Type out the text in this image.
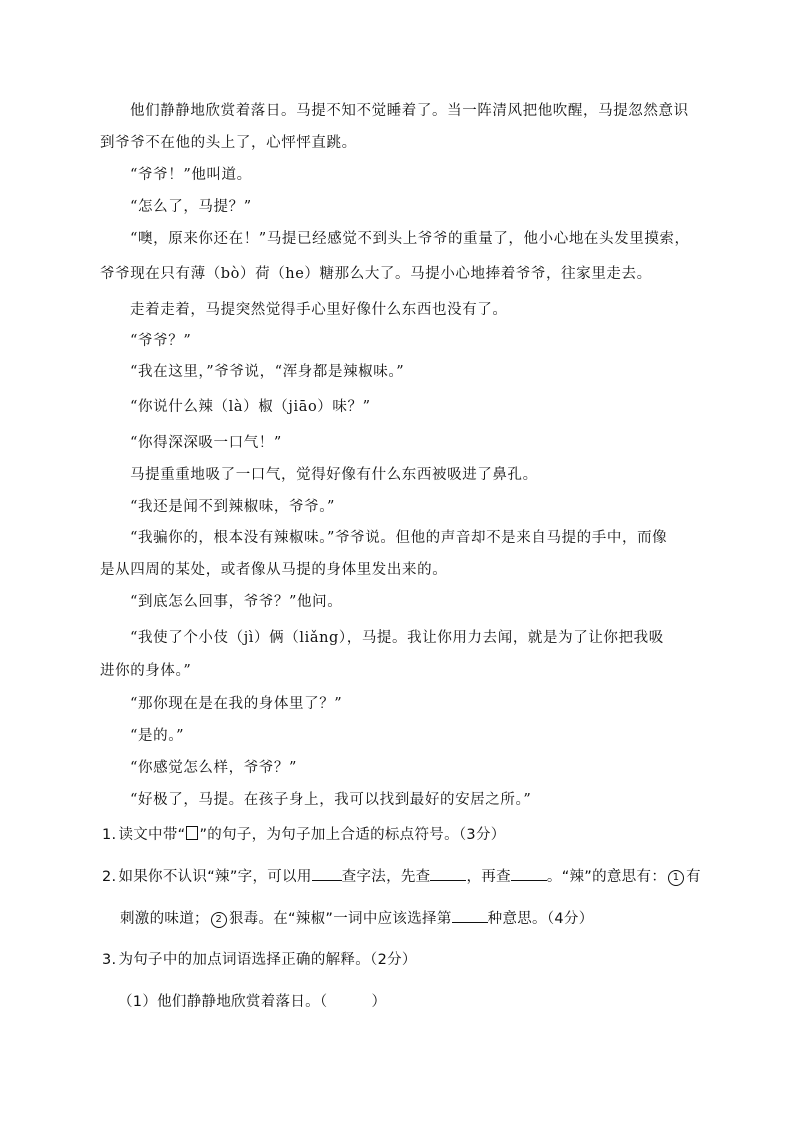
他们静静地欣赏着落日。马提不知不觉睡着了。当一阵清风把他吹醒，马提忽然意识
到爷爷不在他的头上了，心怦怦直跳。
“爷爷！”他叫道。
“怎么了，马提？”
“噢，原来你还在！”马提已经感觉不到头上爷爷的重量了，他小心地在头发里摸索，
爷爷现在只有薄（bò）荷（he）糖那么大了。马提小心地捧着爷爷，往家里走去。
走着走着，马提突然觉得手心里好像什么东西也没有了。
“爷爷？”
“我在这里，”爷爷说，“浑身都是辣椒味。”
“你说什么辣（là）椒（jiāo）味？”
“你得深深吸一口气！”
马提重重地吸了一口气，觉得好像有什么东西被吸进了鼻孔。
“我还是闻不到辣椒味，爷爷。”
“我骗你的，根本没有辣椒味。”爷爷说。但他的声音却不是来自马提的手中，而像
是从四周的某处，或者像从马提的身体里发出来的。
“到底怎么回事，爷爷？”他问。
“我使了个小伎（jì）俩（liǎng），马提。我让你用力去闻，就是为了让你把我吸
进你的身体。”
“那你现在是在我的身体里了？”
“是的。”
“你感觉怎么样，爷爷？”
“好极了，马提。在孩子身上，我可以找到最好的安居之所。”
1. 读文中带“ ”的句子，为句子加上合适的标点符号。（3分）
2. 如果你不认识“辣”字，可以用 查字法，先查 ，再查 。“辣”的意思有： 1 有
刺激的味道； 2 狠毒。在“辣椒”一词中应该选择第 种意思。（4分）
3. 为句子中的加点词语选择正确的解释。（2分）
（1）他们静静地欣赏着落日。（	）
